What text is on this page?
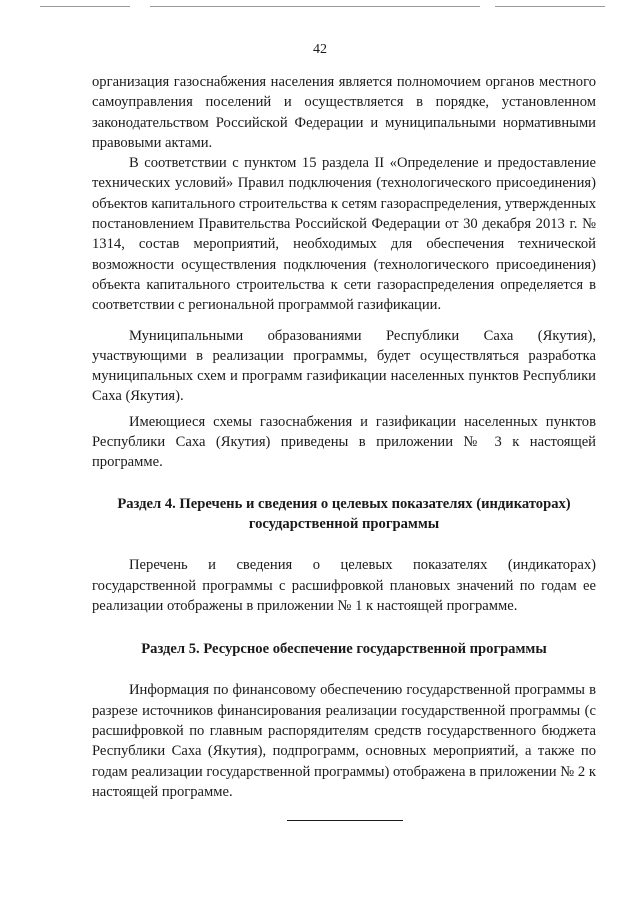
42

организация газоснабжения населения является полномочием органов местного самоуправления поселений и осуществляется в порядке, установленном законодательством Российской Федерации и муниципальными нормативными правовыми актами.

В соответствии с пунктом 15 раздела II «Определение и предоставление технических условий» Правил подключения (технологического присоединения) объектов капитального строительства к сетям газораспределения, утвержденных постановлением Правительства Российской Федерации от 30 декабря 2013 г. № 1314, состав мероприятий, необходимых для обеспечения технической возможности осуществления подключения (технологического присоединения) объекта капитального строительства к сети газораспределения определяется в соответствии с региональной программой газификации.

Муниципальными образованиями Республики Саха (Якутия), участвующими в реализации программы, будет осуществляться разработка муниципальных схем и программ газификации населенных пунктов Республики Саха (Якутия).

Имеющиеся схемы газоснабжения и газификации населенных пунктов Республики Саха (Якутия) приведены в приложении № 3 к настоящей программе.

Раздел 4. Перечень и сведения о целевых показателях (индикаторах) государственной программы

Перечень и сведения о целевых показателях (индикаторах) государственной программы с расшифровкой плановых значений по годам ее реализации отображены в приложении № 1 к настоящей программе.

Раздел 5. Ресурсное обеспечение государственной программы

Информация по финансовому обеспечению государственной программы в разрезе источников финансирования реализации государственной программы (с расшифровкой по главным распорядителям средств государственного бюджета Республики Саха (Якутия), подпрограмм, основных мероприятий, а также по годам реализации государственной программы) отображена в приложении № 2 к настоящей программе.
